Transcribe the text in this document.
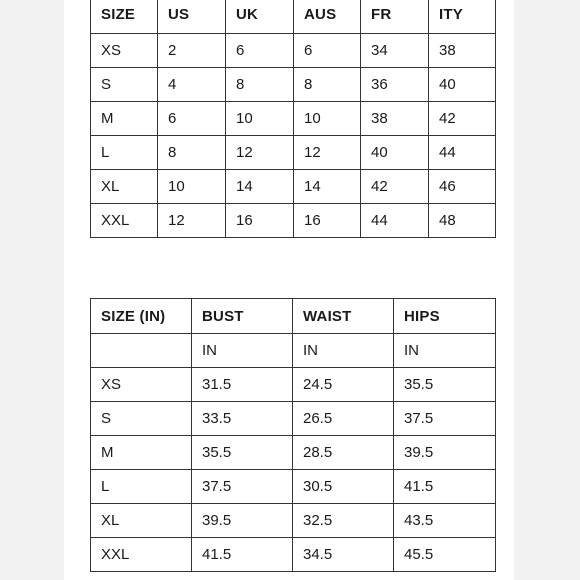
SIZE	US	UK	AUS	FR	ITY
XS	2	6	6	34	38
S	4	8	8	36	40
M	6	10	10	38	42
L	8	12	12	40	44
XL	10	14	14	42	46
XXL	12	16	16	44	48
SIZE (IN)	BUST	WAIST	HIPS
	IN	IN	IN
XS	31.5	24.5	35.5
S	33.5	26.5	37.5
M	35.5	28.5	39.5
L	37.5	30.5	41.5
XL	39.5	32.5	43.5
XXL	41.5	34.5	45.5
